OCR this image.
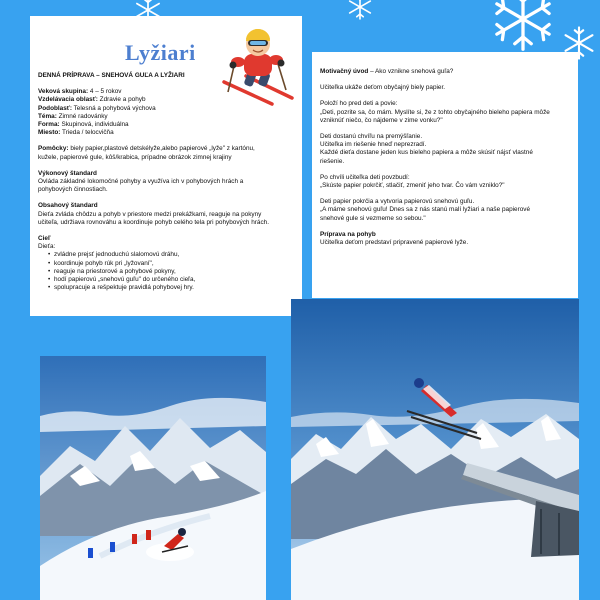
Lyžiari
DENNÁ PRÍPRAVA – SNEHOVÁ GUĽA A LYŽIARI
Veková skupina: 4 – 5 rokov
Vzdelávacia oblasť: Zdravie a pohyb
Podoblasť: Telesná a pohybová výchova
Téma: Zimné radovánky
Forma: Skupinová, individuálna
Miesto: Trieda / telocvičňa
Pomôcky: biely papier,plastové detskélyže,alebo papierové „lyže" z kartónu,
kužele, papierové gule, kôš/krabica, prípadne obrázok zimnej krajiny
Výkonový štandard
Ovláda základné lokomočné pohyby a využíva ich v pohybových hrách a
pohybových činnostiach.
Obsahový štandard
Dieťa zvláda chôdzu a pohyb v priestore medzi prekážkami, reaguje na pokyny
učiteľa, udržiava rovnováhu a koordinuje pohyb celého tela pri pohybových hrách.
Cieľ
Dieťa:
• zvládne prejsť jednoduchú slalomovú dráhu,
• koordinuje pohyb rúk pri „lyžovaní",
• reaguje na priestorové a pohybové pokyny,
• hodí papierovú „snehovú guľu" do určeného cieľa,
• spolupracuje a rešpektuje pravidlá pohybovej hry.
Motivačný úvod – Ako vznikne snehová guľa?
Učiteľka ukáže deťom obyčajný biely papier.
Položí ho pred deti a povie:
„Deti, pozrite sa, čo mám. Myslíte si, že z tohto obyčajného bieleho papiera môže
vzniknúť niečo, čo nájdeme v zime vonku?"
Deti dostanú chvíľu na premýšľanie.
Učiteľka im riešenie hneď neprezradí.
Každé dieťa dostane jeden kus bieleho papiera a môže skúsiť nájsť vlastné
riešenie.
Po chvíli učiteľka deti povzbudí:
„Skúste papier pokrčiť, stlačiť, zmeniť jeho tvar. Čo vám vzniklo?"
Deti papier pokrčia a vytvoria papierovú snehovú guľu.
„A máme snehovú guľu! Dnes sa z nás stanú malí lyžiari a naše papierové
snehové gule si vezmeme so sebou."
Príprava na pohyb
Učiteľka deťom predstaví pripravené papierové lyže.
